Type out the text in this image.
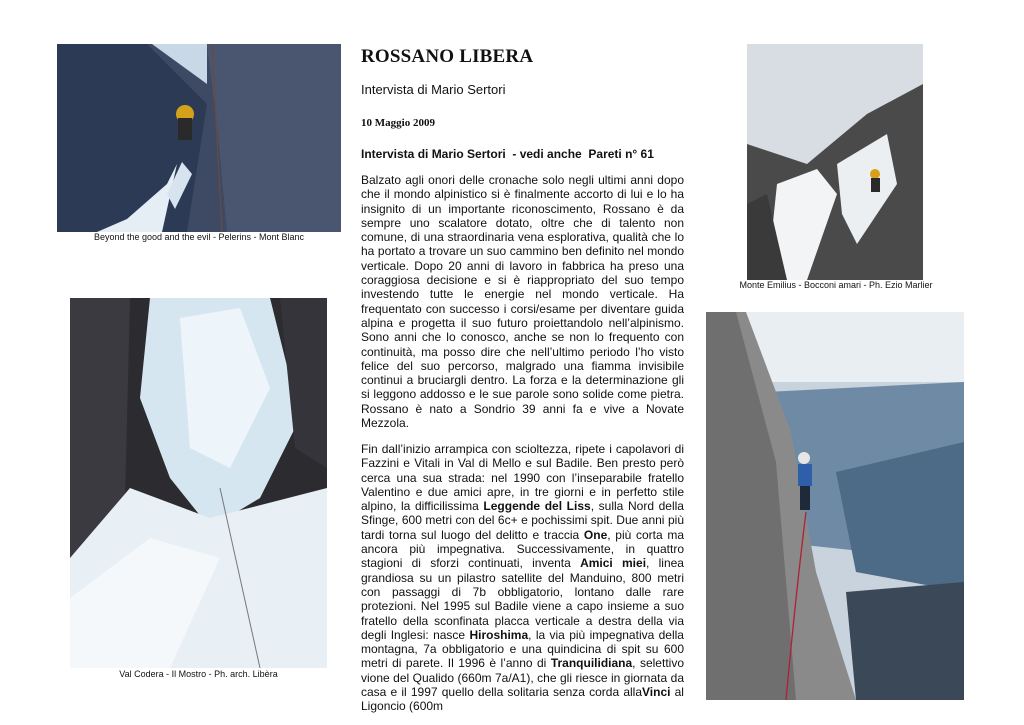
Beyond the good and the evil - Pelerins - Mont Blanc
Val Codera - Il Mostro - Ph. arch. Libèra
Monte Emilius - Bocconi amari - Ph. Ezio Marlier
ROSSANO LIBERA
Intervista di Mario Sertori
10 Maggio 2009
Intervista di Mario Sertori  - vedi anche  Pareti n° 61
Balzato agli onori delle cronache solo negli ultimi anni dopo che il mondo alpinistico si è finalmente accorto di lui e lo ha insignito di un importante riconoscimento, Rossano è da sempre uno scalatore dotato, oltre che di talento non comune, di una straordinaria vena esplorativa, qualità che lo ha portato a trovare un suo cammino ben definito nel mondo verticale. Dopo 20 anni di lavoro in fabbrica ha preso una coraggiosa decisione e si è riappropriato del suo tempo investendo tutte le energie nel mondo verticale. Ha frequentato con successo i corsi/esame per diventare guida alpina e progetta il suo futuro proiettandolo nell’alpinismo. Sono anni che lo conosco, anche se non lo frequento con continuità, ma posso dire che nell’ultimo periodo l’ho visto felice del suo percorso, malgrado una fiamma invisibile continui a bruciargli dentro. La forza e la determinazione gli si leggono addosso e le sue parole sono solide come pietra. Rossano è nato a Sondrio 39 anni fa e vive a Novate Mezzola.
Fin dall’inizio arrampica con scioltezza, ripete i capolavori di Fazzini e Vitali in Val di Mello e sul Badile. Ben presto però cerca una sua strada: nel 1990 con l’inseparabile fratello Valentino e due amici apre, in tre giorni e in perfetto stile alpino, la difficilissima Leggende del Liss, sulla Nord della Sfinge, 600 metri con del 6c+ e pochissimi spit. Due anni più tardi torna sul luogo del delitto e traccia One, più corta ma ancora più impegnativa. Successivamente, in quattro stagioni di sforzi continuati, inventa Amici miei, linea grandiosa su un pilastro satellite del Manduino, 800 metri con passaggi di 7b obbligatorio, lontano dalle rare protezioni. Nel 1995 sul Badile viene a capo insieme a suo fratello della sconfinata placca verticale a destra della via degli Inglesi: nasce Hiroshima, la via più impegnativa della montagna, 7a obbligatorio e una quindicina di spit su 600 metri di parete. Il 1996 è l’anno di Tranquilidiana, selettivo vione del Qualido (660m 7a/A1), che gli riesce in giornata da casa e il 1997 quello della solitaria senza corda allaVinci al Ligoncio (600m
